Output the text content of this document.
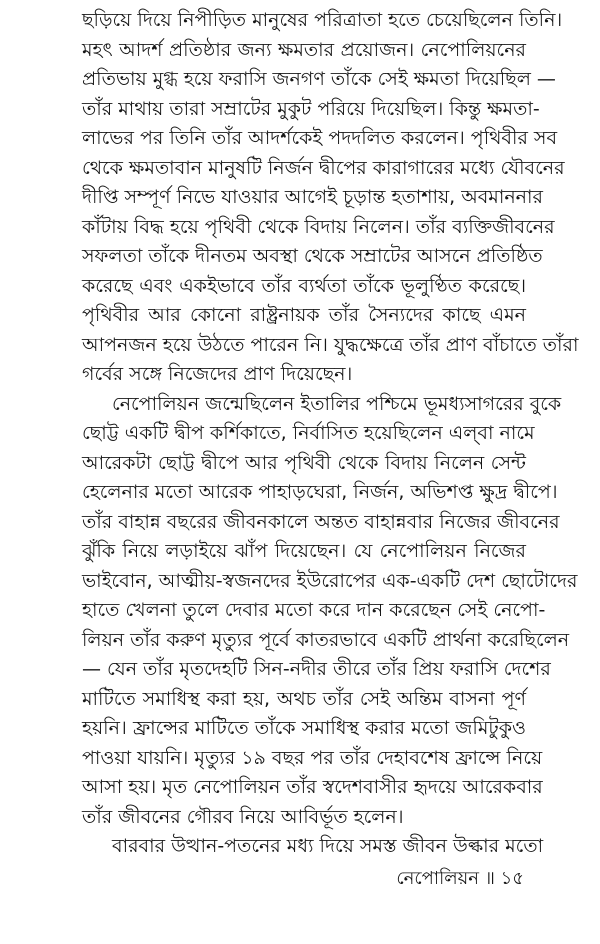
ছড়িয়ে দিয়ে নিপীড়িত মানুষের পরিত্রাতা হতে চেয়েছিলেন তিনি।
মহৎ আদর্শ প্রতিষ্ঠার জন্য ক্ষমতার প্রয়োজন। নেপোলিয়নের
প্রতিভায় মুগ্ধ হয়ে ফরাসি জনগণ তাঁকে সেই ক্ষমতা দিয়েছিল —
তাঁর মাথায় তারা সম্রাটের মুকুট পরিয়ে দিয়েছিল। কিন্তু ক্ষমতা-
লাভের পর তিনি তাঁর আদর্শকেই পদদলিত করলেন। পৃথিবীর সব
থেকে ক্ষমতাবান মানুষটি নির্জন দ্বীপের কারাগারের মধ্যে যৌবনের
দীপ্তি সম্পূর্ণ নিভে যাওয়ার আগেই চূড়ান্ত হতাশায়, অবমাননার
কাঁটায় বিদ্ধ হয়ে পৃথিবী থেকে বিদায় নিলেন। তাঁর ব্যক্তিজীবনের
সফলতা তাঁকে দীনতম অবস্থা থেকে সম্রাটের আসনে প্রতিষ্ঠিত
করেছে এবং একইভাবে তাঁর ব্যর্থতা তাঁকে ভূলুণ্ঠিত করেছে।
পৃথিবীর আর কোনো রাষ্ট্রনায়ক তাঁর সৈন্যদের কাছে এমন
আপনজন হয়ে উঠতে পারেন নি। যুদ্ধক্ষেত্রে তাঁর প্রাণ বাঁচাতে তাঁরা
গর্বের সঙ্গে নিজেদের প্রাণ দিয়েছেন।
নেপোলিয়ন জন্মেছিলেন ইতালির পশ্চিমে ভূমধ্যসাগরের বুকে
ছোট্ট একটি দ্বীপ কর্শিকাতে, নির্বাসিত হয়েছিলেন এল্‌বা নামে
আরেকটা ছোট্ট দ্বীপে আর পৃথিবী থেকে বিদায় নিলেন সেন্ট
হেলেনার মতো আরেক পাহাড়ঘেরা, নির্জন, অভিশপ্ত ক্ষুদ্র দ্বীপে।
তাঁর বাহান্ন বছরের জীবনকালে অন্তত বাহান্নবার নিজের জীবনের
ঝুঁকি নিয়ে লড়াইয়ে ঝাঁপ দিয়েছেন। যে নেপোলিয়ন নিজের
ভাইবোন, আত্মীয়-স্বজনদের ইউরোপের এক-একটি দেশ ছোটোদের
হাতে খেলনা তুলে দেবার মতো করে দান করেছেন সেই নেপো-
লিয়ন তাঁর করুণ মৃত্যুর পূর্বে কাতরভাবে একটি প্রার্থনা করেছিলেন
— যেন তাঁর মৃতদেহটি সিন-নদীর তীরে তাঁর প্রিয় ফরাসি দেশের
মাটিতে সমাধিস্থ করা হয়, অথচ তাঁর সেই অন্তিম বাসনা পূর্ণ
হয়নি। ফ্রান্সের মাটিতে তাঁকে সমাধিস্থ করার মতো জমিটুকুও
পাওয়া যায়নি। মৃত্যুর ১৯ বছর পর তাঁর দেহাবশেষ ফ্রান্সে নিয়ে
আসা হয়। মৃত নেপোলিয়ন তাঁর স্বদেশবাসীর হৃদয়ে আরেকবার
তাঁর জীবনের গৌরব নিয়ে আবির্ভূত হলেন।
বারবার উত্থান-পতনের মধ্য দিয়ে সমস্ত জীবন উল্কার মতো
নেপোলিয়ন ॥ ১৫
